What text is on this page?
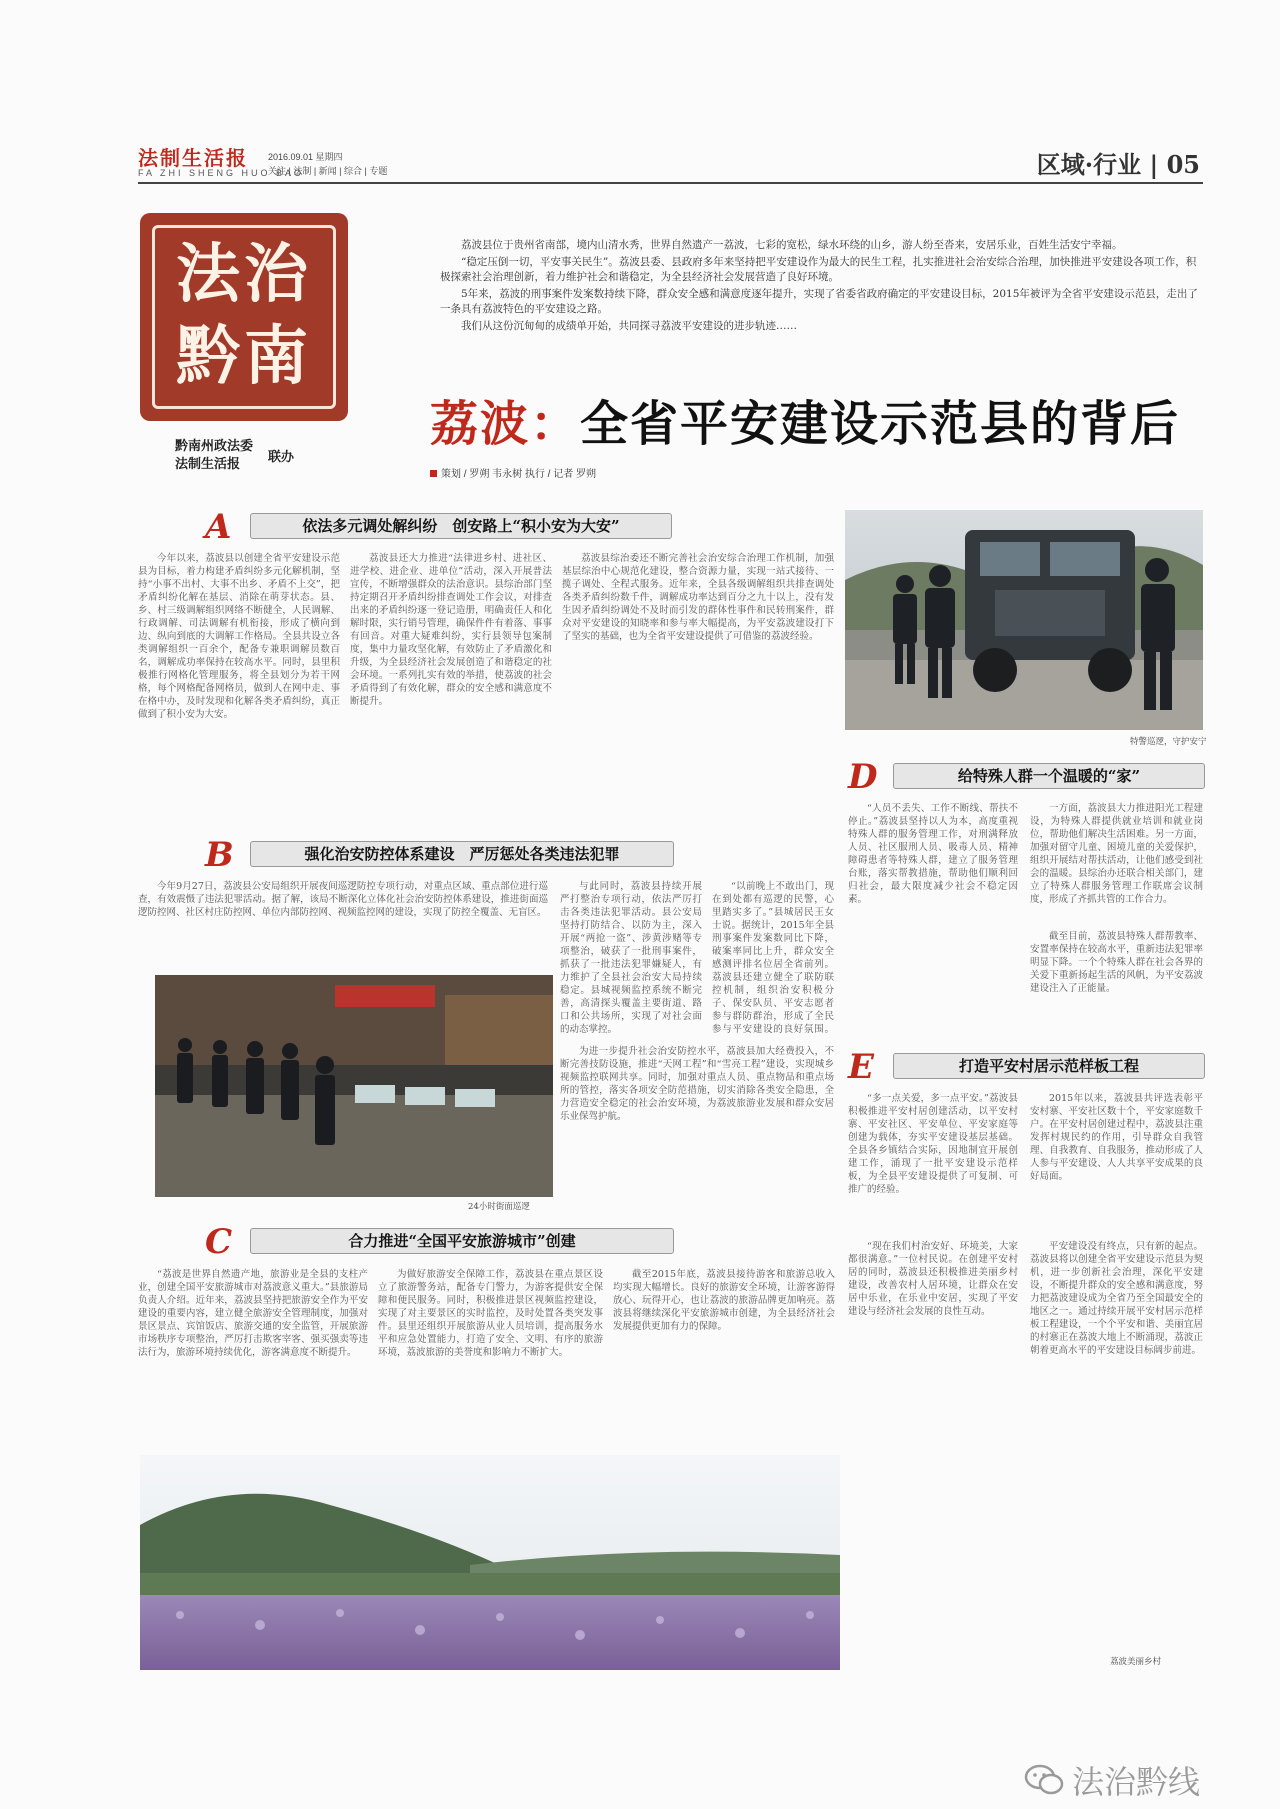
法制生活报
FA ZHI SHENG HUO BAO
2016.09.01 星期四
关注 | 法制 | 新闻 | 综合 | 专题	区域·行业 | 05
法治
黔南
黔南州政法委
法制生活报	联办

荔波县位于贵州省南部，境内山清水秀，世界自然遗产一荔波，七彩的宽松，绿水环绕的山乡，游人纷至沓来，安居乐业，百姓生活安宁幸福。

“稳定压倒一切，平安事关民生”。荔波县委、县政府多年来坚持把平安建设作为最大的民生工程，扎实推进社会治安综合治理，加快推进平安建设各项工作，积极探索社会治理创新，着力维护社会和谐稳定，为全县经济社会发展营造了良好环境。

5年来，荔波的刑事案件发案数持续下降，群众安全感和满意度逐年提升，实现了省委省政府确定的平安建设目标，2015年被评为全省平安建设示范县，走出了一条具有荔波特色的平安建设之路。

我们从这份沉甸甸的成绩单开始，共同探寻荔波平安建设的进步轨迹……

荔波：全省平安建设示范县的背后
策划 / 罗朔 韦永树 执行 / 记者 罗朔
A	依法多元调处解纠纷　创安路上“积小安为大安”
今年以来，荔波县以创建全省平安建设示范县为目标，着力构建矛盾纠纷多元化解机制，坚持“小事不出村、大事不出乡、矛盾不上交”，把矛盾纠纷化解在基层、消除在萌芽状态。县、乡、村三级调解组织网络不断健全，人民调解、行政调解、司法调解有机衔接，形成了横向到边、纵向到底的大调解工作格局。全县共设立各类调解组织一百余个，配备专兼职调解员数百名，调解成功率保持在较高水平。同时，县里积极推行网格化管理服务，将全县划分为若干网格，每个网格配备网格员，做到人在网中走、事在格中办，及时发现和化解各类矛盾纠纷，真正做到了积小安为大安。
荔波县还大力推进“法律进乡村、进社区、进学校、进企业、进单位”活动，深入开展普法宣传，不断增强群众的法治意识。县综治部门坚持定期召开矛盾纠纷排查调处工作会议，对排查出来的矛盾纠纷逐一登记造册，明确责任人和化解时限，实行销号管理，确保件件有着落、事事有回音。对重大疑难纠纷，实行县领导包案制度，集中力量攻坚化解，有效防止了矛盾激化和升级，为全县经济社会发展创造了和谐稳定的社会环境。一系列扎实有效的举措，使荔波的社会矛盾得到了有效化解，群众的安全感和满意度不断提升。
荔波县综治委还不断完善社会治安综合治理工作机制，加强基层综治中心规范化建设，整合资源力量，实现一站式接待、一揽子调处、全程式服务。近年来，全县各级调解组织共排查调处各类矛盾纠纷数千件，调解成功率达到百分之九十以上，没有发生因矛盾纠纷调处不及时而引发的群体性事件和民转刑案件，群众对平安建设的知晓率和参与率大幅提高，为平安荔波建设打下了坚实的基础，也为全省平安建设提供了可借鉴的荔波经验。
特警巡逻，守护安宁
B	强化治安防控体系建设　严厉惩处各类违法犯罪
今年9月27日，荔波县公安局组织开展夜间巡逻防控专项行动，对重点区域、重点部位进行巡查，有效震慑了违法犯罪活动。据了解，该局不断深化立体化社会治安防控体系建设，推进街面巡逻防控网、社区村庄防控网、单位内部防控网、视频监控网的建设，实现了防控全覆盖、无盲区。
与此同时，荔波县持续开展严打整治专项行动，依法严厉打击各类违法犯罪活动。县公安局坚持打防结合、以防为主，深入开展“两抢一盗”、涉黄涉赌等专项整治，破获了一批刑事案件，抓获了一批违法犯罪嫌疑人，有力维护了全县社会治安大局持续稳定。县城视频监控系统不断完善，高清探头覆盖主要街道、路口和公共场所，实现了对社会面的动态掌控。
“以前晚上不敢出门，现在到处都有巡逻的民警，心里踏实多了。”县城居民王女士说。据统计，2015年全县刑事案件发案数同比下降，破案率同比上升，群众安全感测评排名位居全省前列。荔波县还建立健全了联防联控机制，组织治安积极分子、保安队员、平安志愿者参与群防群治，形成了全民参与平安建设的良好氛围。
为进一步提升社会治安防控水平，荔波县加大经费投入，不断完善技防设施，推进“天网工程”和“雪亮工程”建设，实现城乡视频监控联网共享。同时，加强对重点人员、重点物品和重点场所的管控，落实各项安全防范措施，切实消除各类安全隐患，全力营造安全稳定的社会治安环境，为荔波旅游业发展和群众安居乐业保驾护航。
24小时街面巡逻
C	合力推进“全国平安旅游城市”创建
“荔波是世界自然遗产地，旅游业是全县的支柱产业，创建全国平安旅游城市对荔波意义重大。”县旅游局负责人介绍。近年来，荔波县坚持把旅游安全作为平安建设的重要内容，建立健全旅游安全管理制度，加强对景区景点、宾馆饭店、旅游交通的安全监管，开展旅游市场秩序专项整治，严厉打击欺客宰客、强买强卖等违法行为，旅游环境持续优化，游客满意度不断提升。
为做好旅游安全保障工作，荔波县在重点景区设立了旅游警务站，配备专门警力，为游客提供安全保障和便民服务。同时，积极推进景区视频监控建设，实现了对主要景区的实时监控，及时处置各类突发事件。县里还组织开展旅游从业人员培训，提高服务水平和应急处置能力，打造了安全、文明、有序的旅游环境，荔波旅游的美誉度和影响力不断扩大。
截至2015年底，荔波县接待游客和旅游总收入均实现大幅增长。良好的旅游安全环境，让游客游得放心、玩得开心，也让荔波的旅游品牌更加响亮。荔波县将继续深化平安旅游城市创建，为全县经济社会发展提供更加有力的保障。
D	给特殊人群一个温暖的“家”
“人员不丢失、工作不断线、帮扶不停止。”荔波县坚持以人为本，高度重视特殊人群的服务管理工作，对刑满释放人员、社区服刑人员、吸毒人员、精神障碍患者等特殊人群，建立了服务管理台账，落实帮教措施，帮助他们顺利回归社会，最大限度减少社会不稳定因素。
一方面，荔波县大力推进阳光工程建设，为特殊人群提供就业培训和就业岗位，帮助他们解决生活困难。另一方面，加强对留守儿童、困境儿童的关爱保护，组织开展结对帮扶活动，让他们感受到社会的温暖。县综治办还联合相关部门，建立了特殊人群服务管理工作联席会议制度，形成了齐抓共管的工作合力。
截至目前，荔波县特殊人群帮教率、安置率保持在较高水平，重新违法犯罪率明显下降。一个个特殊人群在社会各界的关爱下重新扬起生活的风帆，为平安荔波建设注入了正能量。
E	打造平安村居示范样板工程
“多一点关爱，多一点平安。”荔波县积极推进平安村居创建活动，以平安村寨、平安社区、平安单位、平安家庭等创建为载体，夯实平安建设基层基础。全县各乡镇结合实际，因地制宜开展创建工作，涌现了一批平安建设示范样板，为全县平安建设提供了可复制、可推广的经验。
2015年以来，荔波县共评选表彰平安村寨、平安社区数十个，平安家庭数千户。在平安村居创建过程中，荔波县注重发挥村规民约的作用，引导群众自我管理、自我教育、自我服务，推动形成了人人参与平安建设、人人共享平安成果的良好局面。
“现在我们村治安好、环境美，大家都很满意。”一位村民说。在创建平安村居的同时，荔波县还积极推进美丽乡村建设，改善农村人居环境，让群众在安居中乐业，在乐业中安居，实现了平安建设与经济社会发展的良性互动。
平安建设没有终点，只有新的起点。荔波县将以创建全省平安建设示范县为契机，进一步创新社会治理，深化平安建设，不断提升群众的安全感和满意度，努力把荔波建设成为全省乃至全国最安全的地区之一。通过持续开展平安村居示范样板工程建设，一个个平安和谐、美丽宜居的村寨正在荔波大地上不断涌现，荔波正朝着更高水平的平安建设目标阔步前进。
荔波美丽乡村
法治黔线
